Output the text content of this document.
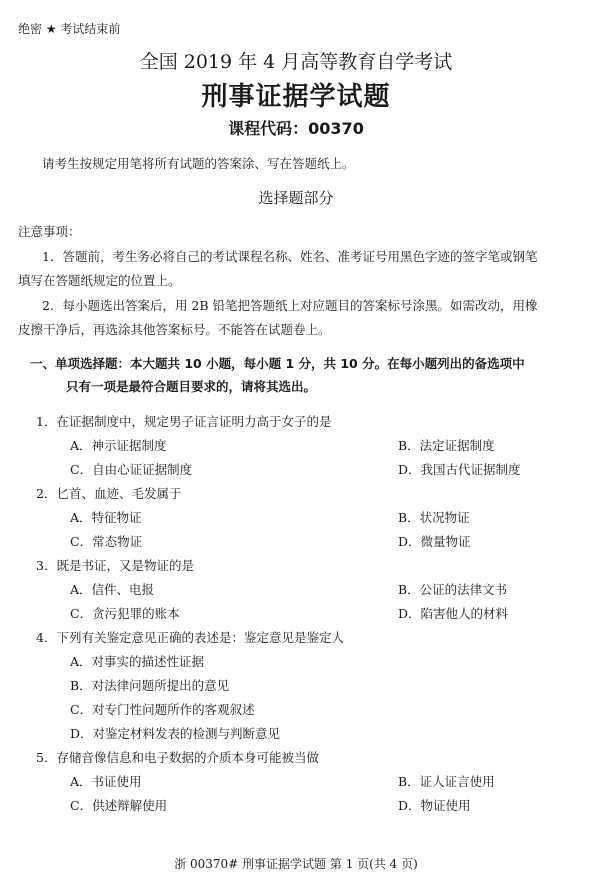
绝密 ★ 考试结束前
全国 2019 年 4 月高等教育自学考试
刑事证据学试题
课程代码：00370
请考生按规定用笔将所有试题的答案涂、写在答题纸上。
选择题部分
注意事项：
1．答题前，考生务必将自己的考试课程名称、姓名、准考证号用黑色字迹的签字笔或钢笔
填写在答题纸规定的位置上。
2．每小题选出答案后，用 2B 铅笔把答题纸上对应题目的答案标号涂黑。如需改动，用橡
皮擦干净后，再选涂其他答案标号。不能答在试题卷上。
一、单项选择题：本大题共 10 小题，每小题 1 分，共 10 分。在每小题列出的备选项中
只有一项是最符合题目要求的，请将其选出。
1．在证据制度中，规定男子证言证明力高于女子的是
A．神示证据制度	B．法定证据制度
C．自由心证证据制度	D．我国古代证据制度
2．匕首、血迹、毛发属于
A．特征物证	B．状况物证
C．常态物证	D．微量物证
3．既是书证，又是物证的是
A．信件、电报	B．公证的法律文书
C．贪污犯罪的账本	D．陷害他人的材料
4．下列有关鉴定意见正确的表述是：鉴定意见是鉴定人
A．对事实的描述性证据
B．对法律问题所提出的意见
C．对专门性问题所作的客观叙述
D．对鉴定材料发表的检测与判断意见
5．存储音像信息和电子数据的介质本身可能被当做
A．书证使用	B．证人证言使用
C．供述辩解使用	D．物证使用
浙 00370# 刑事证据学试题 第 1 页(共 4 页)
